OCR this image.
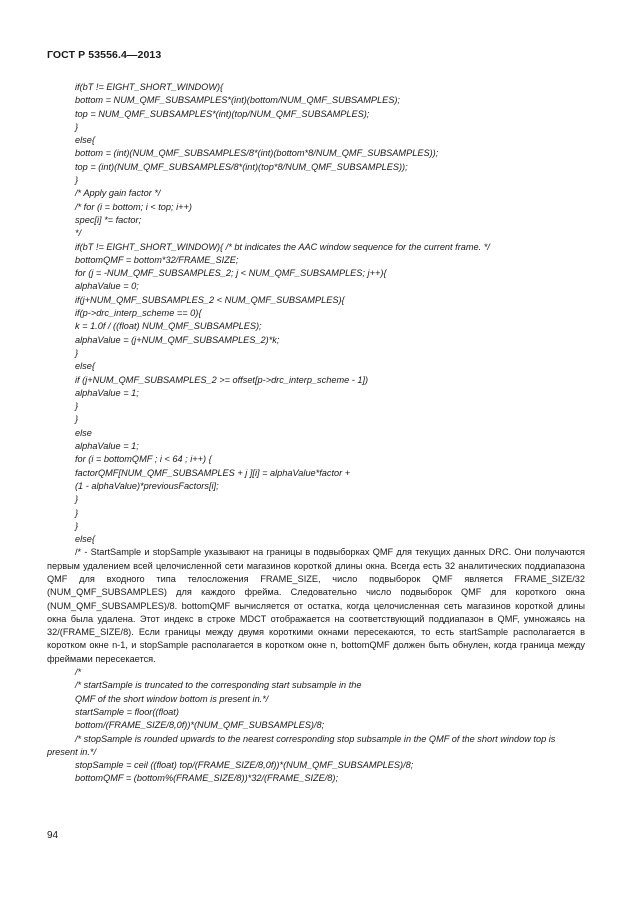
ГОСТ Р 53556.4—2013
if(bT != EIGHT_SHORT_WINDOW){
bottom = NUM_QMF_SUBSAMPLES*(int)(bottom/NUM_QMF_SUBSAMPLES);
top = NUM_QMF_SUBSAMPLES*(int)(top/NUM_QMF_SUBSAMPLES);
}
else{
bottom = (int)(NUM_QMF_SUBSAMPLES/8*(int)(bottom*8/NUM_QMF_SUBSAMPLES));
top = (int)(NUM_QMF_SUBSAMPLES/8*(int)(top*8/NUM_QMF_SUBSAMPLES));
}
/* Apply gain factor */
/* for (i = bottom; i < top; i++)
spec[i] *= factor;
*/
if(bT != EIGHT_SHORT_WINDOW){ /* bt indicates the AAC window sequence for the current frame. */
bottomQMF = bottom*32/FRAME_SIZE;
for (j = -NUM_QMF_SUBSAMPLES_2; j < NUM_QMF_SUBSAMPLES; j++){
alphaValue = 0;
if(j+NUM_QMF_SUBSAMPLES_2 < NUM_QMF_SUBSAMPLES){
if(p->drc_interp_scheme == 0){
k = 1.0f / ((float) NUM_QMF_SUBSAMPLES);
alphaValue = (j+NUM_QMF_SUBSAMPLES_2)*k;
}
else{
if (j+NUM_QMF_SUBSAMPLES_2 >= offset[p->drc_interp_scheme - 1])
alphaValue = 1;
}
}
else
alphaValue = 1;
for (i = bottomQMF ; i < 64 ; i++) {
factorQMF[NUM_QMF_SUBSAMPLES + j ][i] = alphaValue*factor +
(1 - alphaValue)*previousFactors[i];
}
}
}
else{

/* - StartSample и stopSample указывают на границы в подвыборках QMF для текущих данных DRC. Они получаются первым удалением всей целочисленной сети магазинов короткой длины окна. Всегда есть 32 аналитических поддиапазона QMF для входного типа телосложения FRAME_SIZE, число подвыборок QMF является FRAME_SIZE/32 (NUM_QMF_SUBSAMPLES) для каждого фрейма. Следовательно число подвыборок QMF для короткого окна (NUM_QMF_SUBSAMPLES)/8. bottomQMF вычисляется от остатка, когда целочисленная сеть магазинов короткой длины окна была удалена. Этот индекс в строке MDCT отображается на соответствующий поддиапазон в QMF, умножаясь на 32/(FRAME_SIZE/8). Если границы между двумя короткими окнами пересекаются, то есть startSample располагается в коротком окне n-1, и stopSample располагается в коротком окне n, bottomQMF должен быть обнулен, когда граница между фреймами пересекается.

/*
/* startSample is truncated to the corresponding start subsample in the
QMF of the short window bottom is present in.*/
startSample = floor((float)
bottom/(FRAME_SIZE/8,0f))*(NUM_QMF_SUBSAMPLES)/8;

/* stopSample is rounded upwards to the nearest corresponding stop subsample in the QMF of the short window top is present in.*/

stopSample = ceil ((float) top/(FRAME_SIZE/8,0f))*(NUM_QMF_SUBSAMPLES)/8;
bottomQMF = (bottom%(FRAME_SIZE/8))*32/(FRAME_SIZE/8);
94
